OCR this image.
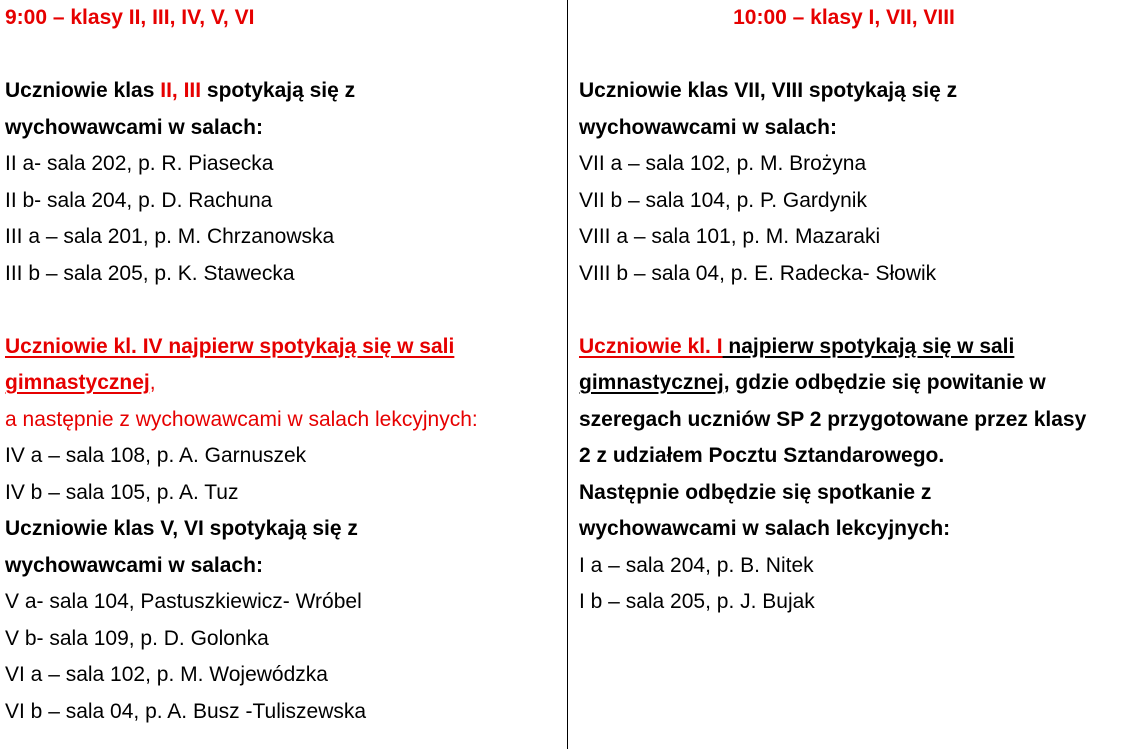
9:00 – klasy II, III, IV, V, VI
Uczniowie klas II, III spotykają się z
wychowawcami w salach:
II a- sala 202, p. R. Piasecka
II b- sala 204, p. D. Rachuna
III a – sala 201, p. M. Chrzanowska
III b – sala 205, p. K. Stawecka
Uczniowie kl. IV najpierw spotykają się w sali
gimnastycznej,
a następnie z wychowawcami w salach lekcyjnych:
IV a – sala 108, p. A. Garnuszek
IV b – sala 105, p. A. Tuz
Uczniowie klas V, VI spotykają się z
wychowawcami w salach:
V a- sala 104, Pastuszkiewicz- Wróbel
V b- sala 109, p. D. Golonka
VI a – sala 102, p. M. Wojewódzka
VI b – sala 04, p. A. Busz -Tuliszewska
10:00 – klasy I, VII, VIII
Uczniowie klas VII, VIII spotykają się z
wychowawcami w salach:
VII a – sala 102, p. M. Brożyna
VII b – sala 104, p. P. Gardynik
VIII a – sala 101, p. M. Mazaraki
VIII b – sala 04, p. E. Radecka- Słowik
Uczniowie kl. I najpierw spotykają się w sali
gimnastycznej, gdzie odbędzie się powitanie w
szeregach uczniów SP 2 przygotowane przez klasy
2 z udziałem Pocztu Sztandarowego.
Następnie odbędzie się spotkanie z
wychowawcami w salach lekcyjnych:
I a – sala 204, p. B. Nitek
I b – sala 205, p. J. Bujak
